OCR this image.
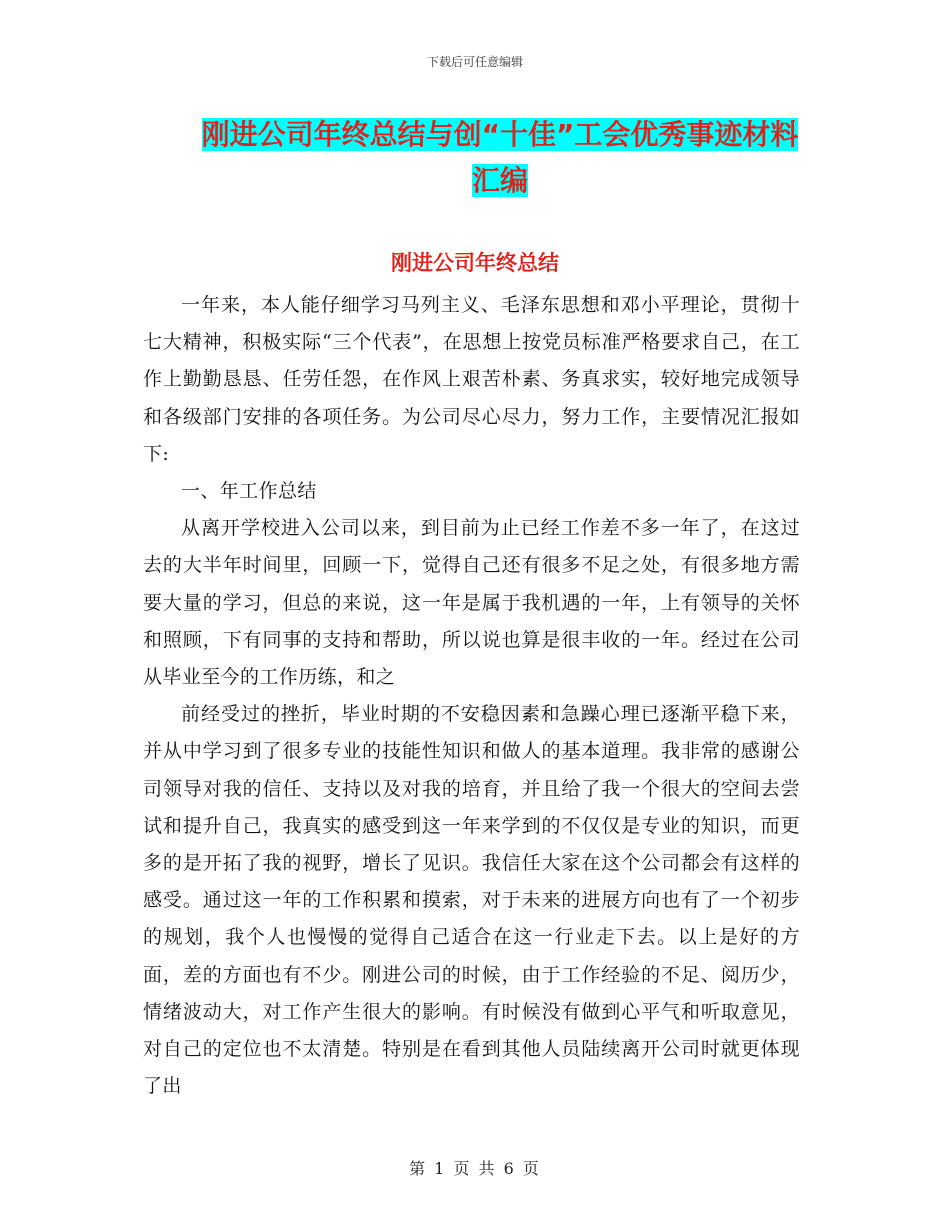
下载后可任意编辑
刚进公司年终总结与创“十佳”工会优秀事迹材料汇编
刚进公司年终总结

一年来，本人能仔细学习马列主义、毛泽东思想和邓小平理论，贯彻十七大精神，积极实际“三个代表”，在思想上按党员标准严格要求自己，在工作上勤勤恳恳、任劳任怨，在作风上艰苦朴素、务真求实，较好地完成领导和各级部门安排的各项任务。为公司尽心尽力，努力工作，主要情况汇报如下:

一、年工作总结

从离开学校进入公司以来，到目前为止已经工作差不多一年了，在这过去的大半年时间里，回顾一下，觉得自己还有很多不足之处，有很多地方需要大量的学习，但总的来说，这一年是属于我机遇的一年，上有领导的关怀和照顾，下有同事的支持和帮助，所以说也算是很丰收的一年。经过在公司从毕业至今的工作历练，和之

前经受过的挫折，毕业时期的不安稳因素和急躁心理已逐渐平稳下来，并从中学习到了很多专业的技能性知识和做人的基本道理。我非常的感谢公司领导对我的信任、支持以及对我的培育，并且给了我一个很大的空间去尝试和提升自己，我真实的感受到这一年来学到的不仅仅是专业的知识，而更多的是开拓了我的视野，增长了见识。我信任大家在这个公司都会有这样的感受。通过这一年的工作积累和摸索，对于未来的进展方向也有了一个初步的规划，我个人也慢慢的觉得自己适合在这一行业走下去。以上是好的方面，差的方面也有不少。刚进公司的时候，由于工作经验的不足、阅历少，情绪波动大，对工作产生很大的影响。有时候没有做到心平气和听取意见，对自己的定位也不太清楚。特别是在看到其他人员陆续离开公司时就更体现了出

第 1 页 共 6 页
